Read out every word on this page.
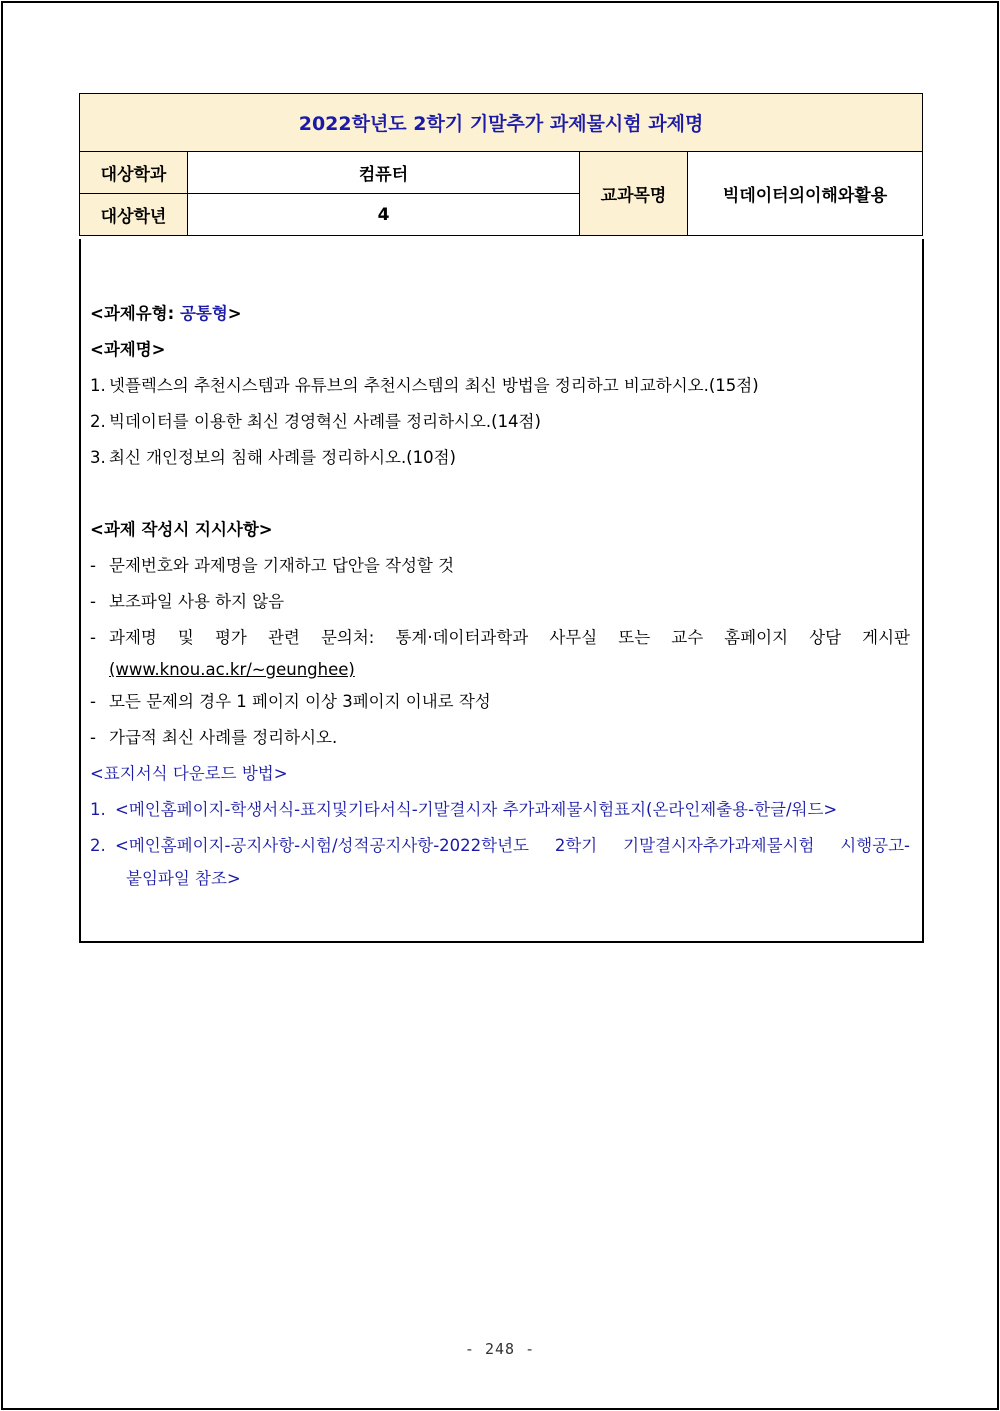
2022학년도 2학기 기말추가 과제물시험 과제명			
대상학과	컴퓨터	교과목명	빅데이터의이해와활용
대상학년	4		
<과제유형: 공통형>
<과제명>
1. 넷플렉스의 추천시스템과 유튜브의 추천시스템의 최신 방법을 정리하고 비교하시오.(15점)
2. 빅데이터를 이용한 최신 경영혁신 사례를 정리하시오.(14점)
3. 최신 개인정보의 침해 사례를 정리하시오.(10점)
<과제 작성시 지시사항>
- 문제번호와 과제명을 기재하고 답안을 작성할 것
- 보조파일 사용 하지 않음
- 과제명 및 평가 관련 문의처: 통계·데이터과학과 사무실 또는 교수 홈페이지 상담 게시판
(www.knou.ac.kr/~geunghee)
- 모든 문제의 경우 1 페이지 이상 3페이지 이내로 작성
- 가급적 최신 사례를 정리하시오.
<표지서식 다운로드 방법>
1. <메인홈페이지-학생서식-표지및기타서식-기말결시자 추가과제물시험표지(온라인제출용-한글/워드>
2. <메인홈페이지-공지사항-시험/성적공지사항-2022학년도 2학기 기말결시자추가과제물시험 시행공고-
붙임파일 참조>
- 248 -
